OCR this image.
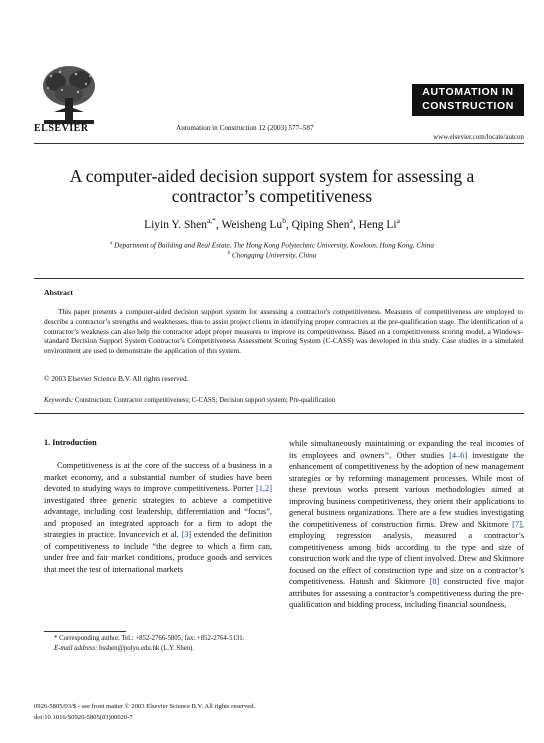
ELSEVIER	Automation in Construction 12 (2003) 577–587
AUTOMATION IN
CONSTRUCTION
www.elsevier.com/locate/autcon
A computer-aided decision support system for assessing a contractor’s competitiveness
Liyin Y. Shen$^{a,*}$, Weisheng Lu$^b$, Qiping Shen$^a$, Heng Li$^a$
$^a$ Department of Building and Real Estate, The Hong Kong Polytechnic University, Kowloon, Hong Kong, China
$^b$ Chongqing University, China
Abstract
This paper presents a computer-aided decision support system for assessing a contractor's competitiveness. Measures of competitiveness are employed to describe a contractor’s strengths and weaknesses, thus to assist project clients in identifying proper contractors at the pre-qualification stage. The identification of a contractor’s weakness can also help the contractor adopt proper measures to improve its competitiveness. Based on a competitiveness scoring model, a Windows-standard Decision Support System Contractor’s Competitiveness Assessment Scoring System (C-CASS) was developed in this study. Case studies in a simulated environment are used to demonstrate the application of this system.
© 2003 Elsevier Science B.V. All rights reserved.
Keywords: Construction; Contractor competitiveness; C-CASS; Decision support system; Pre-qualification
1. Introduction
Competitiveness is at the core of the success of a business in a market economy, and a substantial number of studies have been devoted to studying ways to improve competitiveness. Porter [1,2] investigated three generic strategies to achieve a competitive advantage, including cost leadership, differentiation and “focus”, and proposed an integrated approach for a firm to adopt the strategies in practice. Invancevich et al. [3] extended the definition of competitiveness to include “the degree to which a firm can, under free and fair market conditions, produce goods and services that meet the test of international markets
while simultaneously maintaining or expanding the real incomes of its employees and owners’’. Other studies [4–6] investigate the enhancement of competitiveness by the adoption of new management strategies or by reforming management processes. While most of these previous works present various methodologies aimed at improving business competitiveness, they orient their applications to general business organizations. There are a few studies investigating the competitiveness of construction firms. Drew and Skitmore [7], employing regression analysis, measured a contractor’s competitiveness among bids according to the type and size of construction work and the type of client involved. Drew and Skitmore focused on the effect of construction type and size on a contractor’s competitiveness. Hatush and Skitmore [8] constructed five major attributes for assessing a contractor’s competitiveness during the pre-qualification and bidding process, including financial soundness,
* Corresponding author. Tel.: +852-2766-5805; fax: +852-2764-5131.
E-mail address: bsshen@polyu.edu.hk (L.Y. Shen).
0926-5805/03/$ - see front matter © 2003 Elsevier Science B.V. All rights reserved.
doi:10.1016/S0926-5805(03)00020-7
